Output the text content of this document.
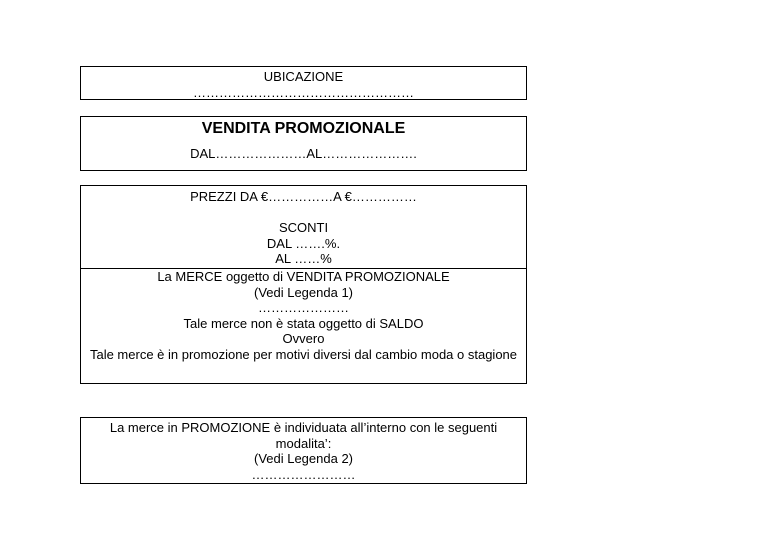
UBICAZIONE
……………………………………………
VENDITA PROMOZIONALE
DAL…………………AL………………….
PREZZI DA €……………A €……………
SCONTI
DAL …….%.
AL ……%
La MERCE oggetto di VENDITA PROMOZIONALE
(Vedi Legenda 1)
…………………
Tale merce non è stata oggetto di SALDO
Ovvero
Tale merce è in promozione per motivi diversi dal cambio moda o stagione
La merce in PROMOZIONE è individuata all’interno con le seguenti modalita’:
(Vedi Legenda 2)
……………………
